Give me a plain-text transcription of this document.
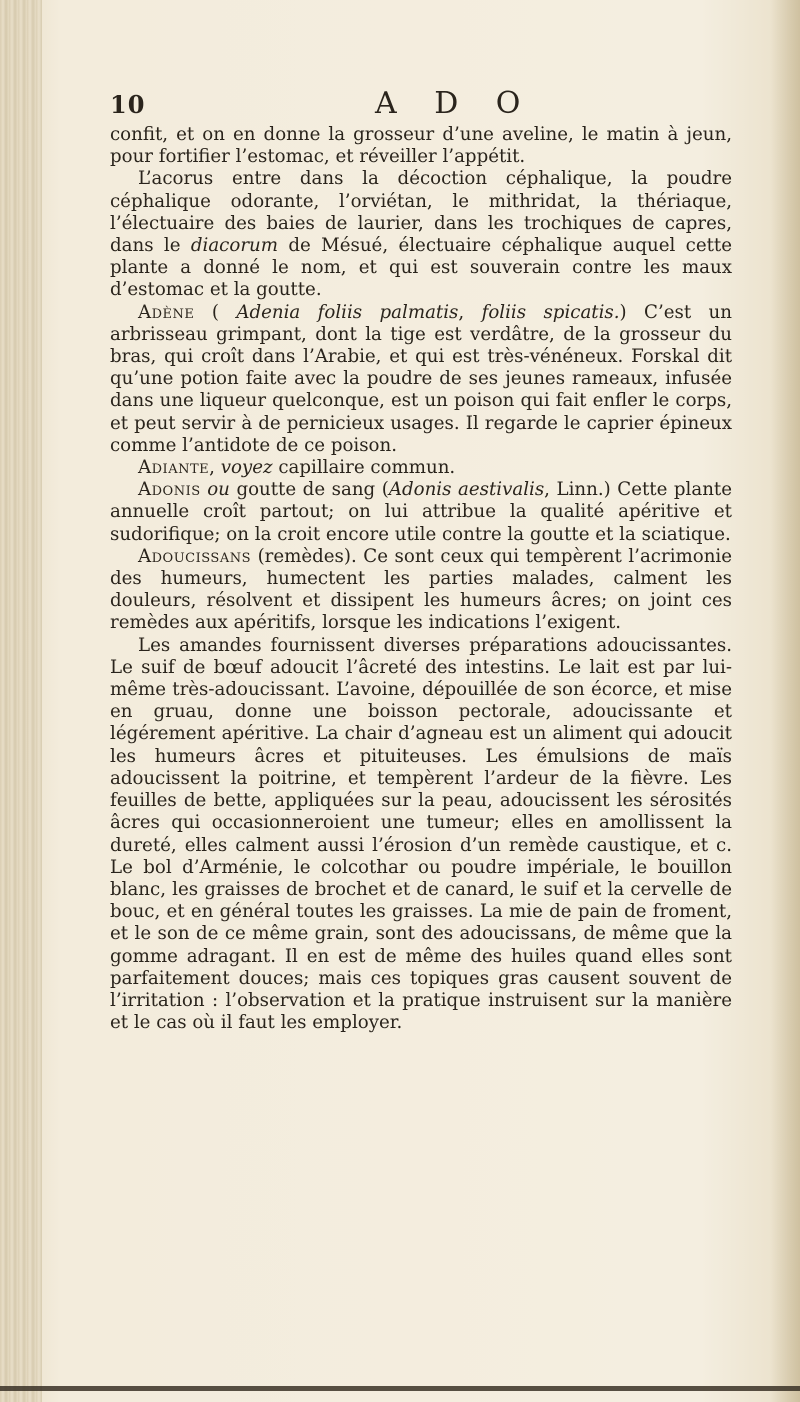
10	A D O

confit, et on en donne la grosseur d’une aveline, le matin à jeun, pour fortifier l’estomac, et réveiller l’appétit.

L’acorus entre dans la décoction céphalique, la poudre céphalique odorante, l’orviétan, le mithridat, la thériaque, l’électuaire des baies de laurier, dans les trochiques de capres, dans le diacorum de Mésué, électuaire céphalique auquel cette plante a donné le nom, et qui est souverain contre les maux d’estomac et la goutte.

Adène ( Adenia foliis palmatis, foliis spicatis.) C’est un arbrisseau grimpant, dont la tige est verdâtre, de la grosseur du bras, qui croît dans l’Arabie, et qui est très-vénéneux. Forskal dit qu’une potion faite avec la poudre de ses jeunes rameaux, infusée dans une liqueur quelconque, est un poison qui fait enfler le corps, et peut servir à de pernicieux usages. Il regarde le caprier épineux comme l’antidote de ce poison.

Adiante, voyez capillaire commun.

Adonis ou goutte de sang (Adonis aestivalis, Linn.) Cette plante annuelle croît partout; on lui attribue la qualité apéritive et sudorifique; on la croit encore utile contre la goutte et la sciatique.

Adoucissans (remèdes). Ce sont ceux qui tempèrent l’acrimonie des humeurs, humectent les parties malades, calment les douleurs, résolvent et dissipent les humeurs âcres; on joint ces remèdes aux apéritifs, lorsque les indications l’exigent.

Les amandes fournissent diverses préparations adoucissantes. Le suif de bœuf adoucit l’âcreté des intestins. Le lait est par lui-même très-adoucissant. L’avoine, dépouillée de son écorce, et mise en gruau, donne une boisson pectorale, adoucissante et légérement apéritive. La chair d’agneau est un aliment qui adoucit les humeurs âcres et pituiteuses. Les émulsions de maïs adoucissent la poitrine, et tempèrent l’ardeur de la fièvre. Les feuilles de bette, appliquées sur la peau, adoucissent les sérosités âcres qui occasionneroient une tumeur; elles en amollissent la dureté, elles calment aussi l’érosion d’un remède caustique, et c. Le bol d’Arménie, le colcothar ou poudre impériale, le bouillon blanc, les graisses de brochet et de canard, le suif et la cervelle de bouc, et en général toutes les graisses. La mie de pain de froment, et le son de ce même grain, sont des adoucissans, de même que la gomme adragant. Il en est de même des huiles quand elles sont parfaitement douces; mais ces topiques gras causent souvent de l’irritation : l’observation et la pratique instruisent sur la manière et le cas où il faut les employer.
